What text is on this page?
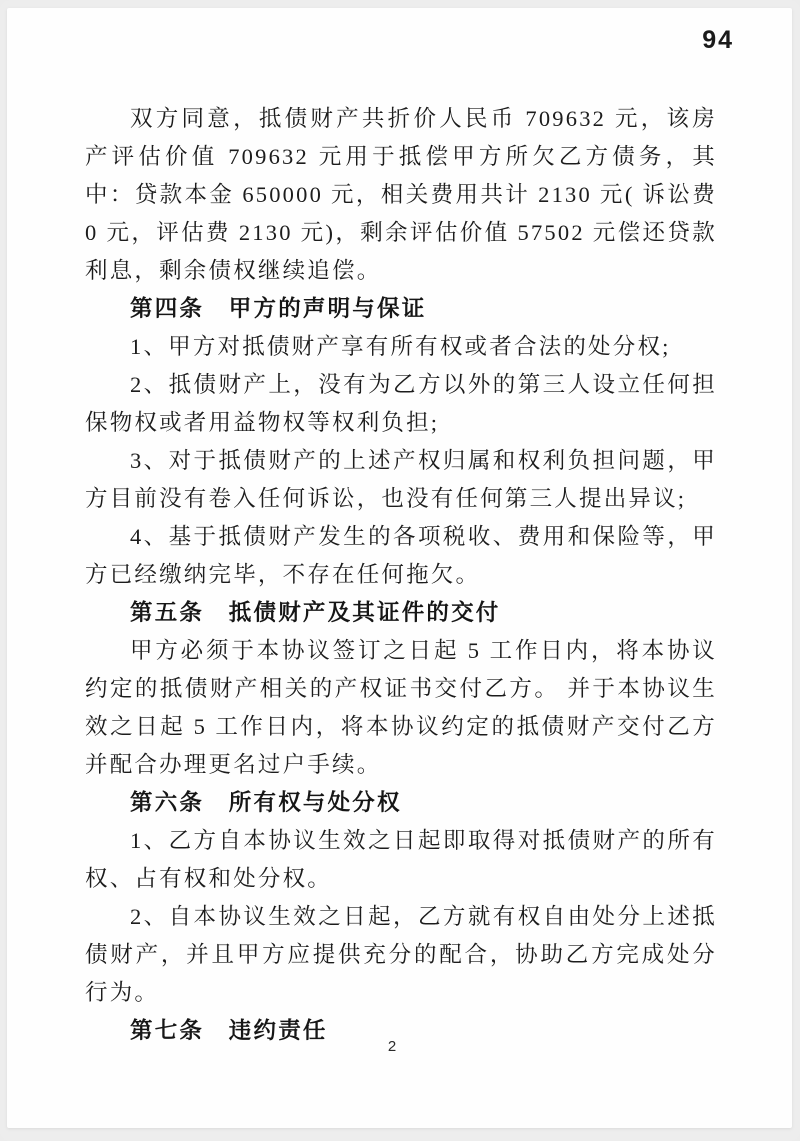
94

双方同意，抵债财产共折价人民币 709632 元，该房产评估价值 709632 元用于抵偿甲方所欠乙方债务，其中：贷款本金 650000 元，相关费用共计 2130 元( 诉讼费 0 元，评估费 2130 元)，剩余评估价值 57502 元偿还贷款利息，剩余债权继续追偿。

第四条　甲方的声明与保证

1、甲方对抵债财产享有所有权或者合法的处分权;

2、抵债财产上，没有为乙方以外的第三人设立任何担保物权或者用益物权等权利负担;

3、对于抵债财产的上述产权归属和权利负担问题，甲方目前没有卷入任何诉讼，也没有任何第三人提出异议;

4、基于抵债财产发生的各项税收、费用和保险等，甲方已经缴纳完毕，不存在任何拖欠。

第五条　抵债财产及其证件的交付

甲方必须于本协议签订之日起 5 工作日内，将本协议约定的抵债财产相关的产权证书交付乙方。 并于本协议生效之日起 5 工作日内，将本协议约定的抵债财产交付乙方并配合办理更名过户手续。

第六条　所有权与处分权

1、乙方自本协议生效之日起即取得对抵债财产的所有权、占有权和处分权。

2、自本协议生效之日起，乙方就有权自由处分上述抵债财产，并且甲方应提供充分的配合，协助乙方完成处分行为。

第七条　违约责任
2
